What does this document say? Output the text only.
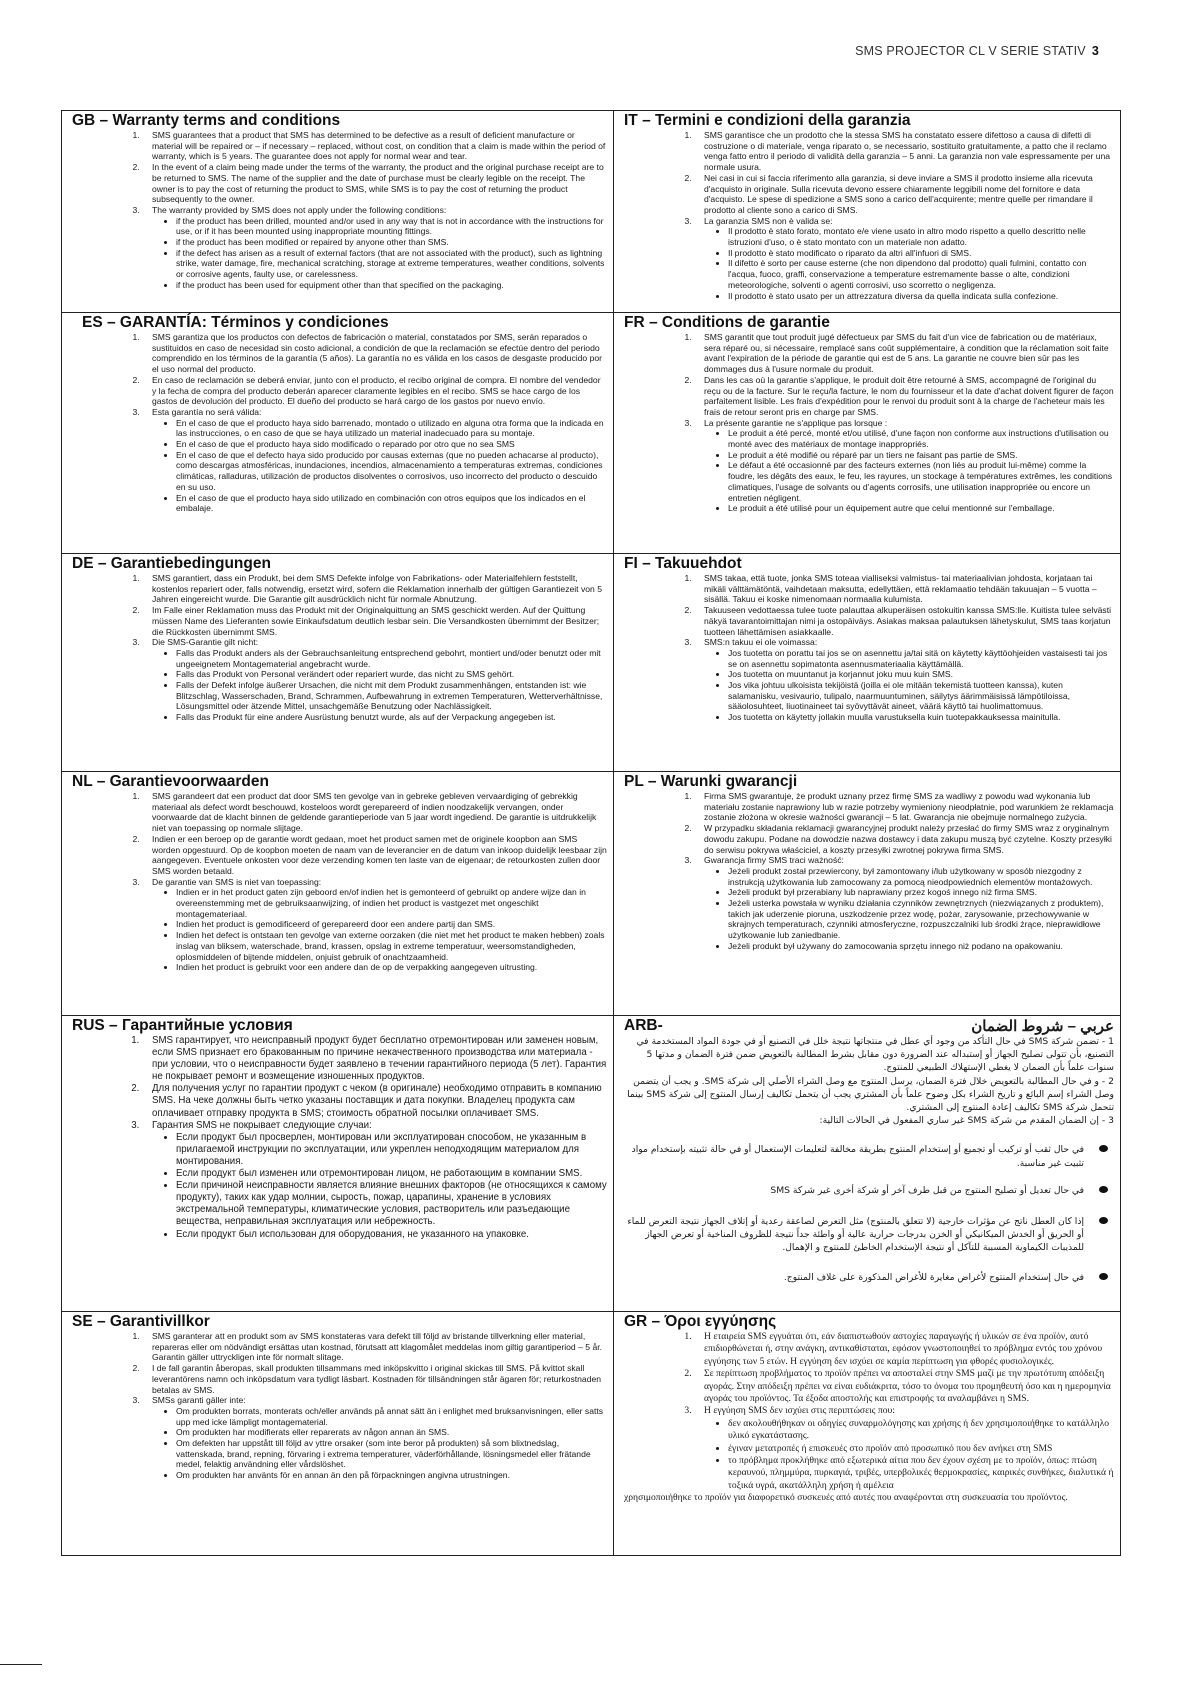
SMS PROJECTOR CL V SERIE STATIV 3
GB – Warranty terms and conditions
1. SMS guarantees that a product that SMS has determined to be defective as a result of deficient manufacture or material will be repaired or – if necessary – replaced, without cost, on condition that a claim is made within the period of warranty, which is 5 years. The guarantee does not apply for normal wear and tear.
2. In the event of a claim being made under the terms of the warranty, the product and the original purchase receipt are to be returned to SMS. The name of the supplier and the date of purchase must be clearly legible on the receipt. The owner is to pay the cost of returning the product to SMS, while SMS is to pay the cost of returning the product subsequently to the owner.
3. The warranty provided by SMS does not apply under the following conditions:
• if the product has been drilled, mounted and/or used in any way that is not in accordance with the instructions for use, or if it has been mounted using inappropriate mounting fittings.
• if the product has been modified or repaired by anyone other than SMS.
• if the defect has arisen as a result of external factors (that are not associated with the product), such as lightning strike, water damage, fire, mechanical scratching, storage at extreme temperatures, weather conditions, solvents or corrosive agents, faulty use, or carelessness.
• if the product has been used for equipment other than that specified on the packaging.
IT – Termini e condizioni della garanzia
1. SMS garantisce che un prodotto che la stessa SMS ha constatato essere difettoso a causa di difetti di costruzione o di materiale, venga riparato o, se necessario, sostituito gratuitamente, a patto che il reclamo venga fatto entro il periodo di validità della garanzia – 5 anni. La garanzia non vale espressamente per una normale usura.
2. Nei casi in cui si faccia riferimento alla garanzia, si deve inviare a SMS il prodotto insieme alla ricevuta d'acquisto in originale. Sulla ricevuta devono essere chiaramente leggibili nome del fornitore e data d'acquisto. Le spese di spedizione a SMS sono a carico dell'acquirente; mentre quelle per rimandare il prodotto al cliente sono a carico di SMS.
3. La garanzia SMS non è valida se:
• Il prodotto è stato forato, montato e/e viene usato in altro modo rispetto a quello descritto nelle istruzioni d'uso, o è stato montato con un materiale non adatto.
• Il prodotto è stato modificato o riparato da altri all'infuori di SMS.
• Il difetto è sorto per cause esterne (che non dipendono dal prodotto) quali fulmini, contatto con l'acqua, fuoco, graffi, conservazione a temperature estremamente basse o alte, condizioni meteorologiche, solventi o agenti corrosivi, uso scorretto o negligenza.
• Il prodotto è stato usato per un attrezzatura diversa da quella indicata sulla confezione.
ES – GARANTÍA: Términos y condiciones
1. SMS garantiza que los productos con defectos de fabricación o material, constatados por SMS, serán reparados o sustituidos en caso de necesidad sin costo adicional, a condición de que la reclamación se efectúe dentro del periodo comprendido en los términos de la garantía (5 años). La garantía no es válida en los casos de desgaste producido por el uso normal del producto.
2. En caso de reclamación se deberá enviar, junto con el producto, el recibo original de compra. El nombre del vendedor y la fecha de compra del producto deberán aparecer claramente legibles en el recibo. SMS se hace cargo de los gastos de devolución del producto. El dueño del producto se hará cargo de los gastos por nuevo envío.
3. Esta garantía no será válida:
• En el caso de que el producto haya sido barrenado, montado o utilizado en alguna otra forma que la indicada en las instrucciones, o en caso de que se haya utilizado un material inadecuado para su montaje.
• En el caso de que el producto haya sido modificado o reparado por otro que no sea SMS
• En el caso de que el defecto haya sido producido por causas externas (que no pueden achacarse al producto), como descargas atmosféricas, inundaciones, incendios, almacenamiento a temperaturas extremas, condiciones climáticas, ralladuras, utilización de productos disolventes o corrosivos, uso incorrecto del producto o descuido en su uso.
• En el caso de que el producto haya sido utilizado en combinación con otros equipos que los indicados en el embalaje.
FR – Conditions de garantie
1. SMS garantit que tout produit jugé défectueux par SMS du fait d'un vice de fabrication ou de matériaux, sera réparé ou, si nécessaire, remplacé sans coût supplémentaire, à condition que la réclamation soit faite avant l'expiration de la période de garantie qui est de 5 ans. La garantie ne couvre bien sûr pas les dommages dus à l'usure normale du produit.
2. Dans les cas où la garantie s'applique, le produit doit être retourné à SMS, accompagné de l'original du reçu ou de la facture. Sur le reçu/la facture, le nom du fournisseur et la date d'achat doivent figurer de façon parfaitement lisible. Les frais d'expédition pour le renvoi du produit sont à la charge de l'acheteur mais les frais de retour seront pris en charge par SMS.
3. La présente garantie ne s'applique pas lorsque :
• Le produit a été percé, monté et/ou utilisé, d'une façon non conforme aux instructions d'utilisation ou monté avec des matériaux de montage inappropriés.
• Le produit a été modifié ou réparé par un tiers ne faisant pas partie de SMS.
• Le défaut a été occasionné par des facteurs externes (non liés au produit lui-même) comme la foudre, les dégâts des eaux, le feu, les rayures, un stockage à températures extrêmes, les conditions climatiques, l'usage de solvants ou d'agents corrosifs, une utilisation inappropriée ou encore un entretien négligent.
• Le produit a été utilisé pour un équipement autre que celui mentionné sur l'emballage.
DE – Garantiebedingungen
1. SMS garantiert, dass ein Produkt, bei dem SMS Defekte infolge von Fabrikations- oder Materialfehlern feststellt, kostenlos repariert oder, falls notwendig, ersetzt wird, sofern die Reklamation innerhalb der gültigen Garantiezeit von 5 Jahren eingereicht wurde. Die Garantie gilt ausdrücklich nicht für normale Abnutzung.
2. Im Falle einer Reklamation muss das Produkt mit der Originalquittung an SMS geschickt werden. Auf der Quittung müssen Name des Lieferanten sowie Einkaufsdatum deutlich lesbar sein. Die Versandkosten übernimmt der Besitzer; die Rückkosten übernimmt SMS.
3. Die SMS-Garantie gilt nicht:
• Falls das Produkt anders als der Gebrauchsanleitung entsprechend gebohrt, montiert und/oder benutzt oder mit ungeeignetem Montagematerial angebracht wurde.
• Falls das Produkt von Personal verändert oder repariert wurde, das nicht zu SMS gehört.
• Falls der Defekt infolge äußerer Ursachen, die nicht mit dem Produkt zusammenhängen, entstanden ist: wie Blitzschlag, Wasserschaden, Brand, Schrammen, Aufbewahrung in extremen Temperaturen, Wetterverhältnisse, Lösungsmittel oder ätzende Mittel, unsachgemäße Benutzung oder Nachlässigkeit.
• Falls das Produkt für eine andere Ausrüstung benutzt wurde, als auf der Verpackung angegeben ist.
FI – Takuuehdot
1. SMS takaa, että tuote, jonka SMS toteaa vialliseksi valmistus- tai materiaalivian johdosta, korjataan tai mikäli välttämätöntä, vaihdetaan maksutta, edellyttäen, että reklamaatio tehdään takuuajan – 5 vuotta – sisällä. Takuu ei koske nimenomaan normaalia kulumista.
2. Takuuseen vedottaessa tulee tuote palauttaa alkuperäisen ostokuitin kanssa SMS:lle. Kuitista tulee selvästi näkyä tavarantoimittajan nimi ja ostopäiväys. Asiakas maksaa palautuksen lähetyskulut, SMS taas korjatun tuotteen lähettämisen asiakkaalle.
3. SMS:n takuu ei ole voimassa:
• Jos tuotetta on porattu tai jos se on asennettu ja/tai sitä on käytetty käyttöohjeiden vastaisesti tai jos se on asennettu sopimatonta asennusmateriaalia käyttämällä.
• Jos tuotetta on muuntanut ja korjannut joku muu kuin SMS.
• Jos vika johtuu ulkoisista tekijöistä (joilla ei ole mitään tekemistä tuotteen kanssa), kuten salamanisku, vesivaurio, tulipalo, naarmuuntuminen, säilytys äärimmäisissä lämpötiloissa, sääolosuhteet, liuotinaineet tai syövyttävät aineet, väärä käyttö tai huolimattomuus.
• Jos tuotetta on käytetty jollakin muulla varustuksella kuin tuotepakkauksessa mainitulla.
NL – Garantievoorwaarden
1. SMS garandeert dat een product dat door SMS ten gevolge van in gebreke gebleven vervaardiging of gebrekkig materiaal als defect wordt beschouwd, kosteloos wordt gerepareerd of indien noodzakelijk vervangen, onder voorwaarde dat de klacht binnen de geldende garantieperiode van 5 jaar wordt ingediend. De garantie is uitdrukkelijk niet van toepassing op normale slijtage.
2. Indien er een beroep op de garantie wordt gedaan, moet het product samen met de originele koopbon aan SMS worden opgestuurd. Op de koopbon moeten de naam van de leverancier en de datum van inkoop duidelijk leesbaar zijn aangegeven. Eventuele onkosten voor deze verzending komen ten laste van de eigenaar; de retourkosten zullen door SMS worden betaald.
3. De garantie van SMS is niet van toepassing:
• Indien er in het product gaten zijn geboord en/of indien het is gemonteerd of gebruikt op andere wijze dan in overeenstemming met de gebruiksaanwijzing, of indien het product is vastgezet met ongeschikt montagemateriaal.
• Indien het product is gemodificeerd of gerepareerd door een andere partij dan SMS.
• Indien het defect is ontstaan ten gevolge van externe oorzaken (die niet met het product te maken hebben) zoals inslag van bliksem, waterschade, brand, krassen, opslag in extreme temperatuur, weersomstandigheden, oplosmiddelen of bijtende middelen, onjuist gebruik of onachtzaamheid.
• Indien het product is gebruikt voor een andere dan de op de verpakking aangegeven uitrusting.
PL – Warunki gwarancji
1. Firma SMS gwarantuje, że produkt uznany przez firmę SMS za wadliwy z powodu wad wykonania lub materiału zostanie naprawiony lub w razie potrzeby wymieniony nieodpłatnie, pod warunkiem że reklamacja zostanie złożona w okresie ważności gwarancji – 5 lat. Gwarancja nie obejmuje normalnego zużycia.
2. W przypadku składania reklamacji gwarancyjnej produkt należy przesłać do firmy SMS wraz z oryginalnym dowodu zakupu. Podane na dowodzie nazwa dostawcy i data zakupu muszą być czytelne. Koszty przesyłki do serwisu pokrywa właściciel, a koszty przesyłki zwrotnej pokrywa firma SMS.
3. Gwarancja firmy SMS traci ważność:
• Jeżeli produkt został przewiercony, był zamontowany i/lub użytkowany w sposób niezgodny z instrukcją użytkowania lub zamocowany za pomocą nieodpowiednich elementów montażowych.
• Jeżeli produkt był przerabiany lub naprawiany przez kogoś innego niż firma SMS.
• Jeżeli usterka powstała w wyniku działania czynników zewnętrznych (niezwiązanych z produktem), takich jak uderzenie pioruna, uszkodzenie przez wodę, pożar, zarysowanie, przechowywanie w skrajnych temperaturach, czynniki atmosferyczne, rozpuszczalniki lub środki żrące, nieprawidłowe użytkowanie lub zaniedbanie.
• Jeżeli produkt był używany do zamocowania sprzętu innego niż podano na opakowaniu.
RUS – Гарантийные условия
1. SMS гарантирует, что неисправный продукт будет бесплатно отремонтирован или заменен новым, если SMS признает его бракованным по причине некачественного производства или материала - при условии, что о неисправности будет заявлено в течении гарантийного периода (5 лет). Гарантия не покрывает ремонт и возмещение изношенных продуктов.
2. Для получения услуг по гарантии продукт с чеком (в оригинале) необходимо отправить в компанию SMS. На чеке должны быть четко указаны поставщик и дата покупки. Владелец продукта сам оплачивает отправку продукта в SMS; стоимость обратной посылки оплачивает SMS.
3. Гарантия SMS не покрывает следующие случаи:
• Если продукт был просверлен, монтирован или эксплуатирован способом, не указанным в прилагаемой инструкции по эксплуатации, или укреплен неподходящим материалом для монтирования.
• Если продукт был изменен или отремонтирован лицом, не работающим в компании SMS.
• Если причиной неисправности является влияние внешних факторов (не относящихся к самому продукту), таких как удар молнии, сырость, пожар, царапины, хранение в условиях экстремальной температуры, климатические условия, растворитель или разъедающие вещества, неправильная эксплуатация или небрежность.
• Если продукт был использован для оборудования, не указанного на упаковке.
ARB-	عربي – شروط الضمان

1 - تضمن شركة SMS في حال التأكد من وجود أي عطل في منتجاتها نتيجة خلل في التصنيع أو في جودة المواد المستخدمة في التصنيع، بأن تتولى تصليح الجهاز أو إستبداله عند الضرورة دون مقابل بشرط المطالبة بالتعويض ضمن فترة الضمان و مدتها 5 سنوات علماً بأن الضمان لا يغطي الإستهلاك الطبيعي للمنتوج.

2 - و في حال المطالبة بالتعويض خلال فترة الضمان، يرسل المنتوج مع وصل الشراء الأصلي إلى شركة SMS. و يجب أن يتضمن وصل الشراء إسم البائع و تاريخ الشراء بكل وضوح علماً بأن المشتري يجب أن يتحمل تكاليف إرسال المنتوج إلى شركة SMS بينما تتحمل شركة SMS تكاليف إعادة المنتوج إلى المشتري.

3 - إن الضمان المقدم من شركة SMS غير ساري المفعول في الحالات التالية:

في حال ثقب أو تركيب أو تجميع أو إستخدام المنتوج بطريقة مخالفة لتعليمات الإستعمال أو في حالة تثبيته بإستخدام مواد تثبيت غير مناسبة.

في حال تعديل أو تصليح المنتوج من قبل طرف آخر أو شركة أخرى غير شركة SMS

إذا كان العطل ناتج عن مؤثرات خارجية (لا تتعلق بالمنتوج) مثل التعرض لصاعقة رعدية أو إتلاف الجهاز نتيجة التعرض للماء أو الحريق أو الخدش الميكانيكي أو الخزن بدرجات حرارية عالية أو واطئة جداً نتيجة للظروف المناخية أو تعرض الجهاز للمذيبات الكيماوية المسببة للتآكل أو نتيجة الإستخدام الخاطئ للمنتوج و الإهمال.

في حال إستخدام المنتوج لأغراض مغايرة للأغراض المذكورة على غلاف المنتوج.

SE – Garantivillkor
1. SMS garanterar att en produkt som av SMS konstateras vara defekt till följd av bristande tillverkning eller material, repareras eller om nödvändigt ersättas utan kostnad, förutsatt att klagomålet meddelas inom giltig garantiperiod – 5 år. Garantin gäller uttryckligen inte för normalt slitage.
2. I de fall garantin åberopas, skall produkten tillsammans med inköpskvitto i original skickas till SMS. På kvittot skall leverantörens namn och inköpsdatum vara tydligt läsbart. Kostnaden för tillsändningen står ägaren för; returkostnaden betalas av SMS.
3. SMSs garanti gäller inte:
• Om produkten borrats, monterats och/eller används på annat sätt än i enlighet med bruksanvisningen, eller satts upp med icke lämpligt montagematerial.
• Om produkten har modifierats eller reparerats av någon annan än SMS.
• Om defekten har uppstått till följd av yttre orsaker (som inte beror på produkten) så som blixtnedslag, vattenskada, brand, repning, förvaring i extrema temperaturer, väderförhållande, lösningsmedel eller frätande medel, felaktig användning eller vårdslöshet.
• Om produkten har använts för en annan än den på förpackningen angivna utrustningen.
GR – Όροι εγγύησης
1. Η εταιρεία SMS εγγυάται ότι, εάν διαπιστωθούν αστοχίες παραγωγής ή υλικών σε ένα προϊόν, αυτό επιδιορθώνεται ή, στην ανάγκη, αντικαθίσταται, εφόσον γνωστοποιηθεί το πρόβλημα εντός του χρόνου εγγύησης των 5 ετών. Η εγγύηση δεν ισχύει σε καμία περίπτωση για φθορές φυσιολογικές.
2. Σε περίπτωση προβλήματος το προϊόν πρέπει να αποσταλεί στην SMS μαζί με την πρωτότυπη απόδειξη αγοράς. Στην απόδειξη πρέπει να είναι ευδιάκριτα, τόσο το όνομα του προμηθευτή όσο και η ημερομηνία αγοράς του προϊόντος. Τα έξοδα αποστολής και επιστροφής τα αναλαμβάνει η SMS.
3. Η εγγύηση SMS δεν ισχύει στις περιπτώσεις που:
• δεν ακολουθήθηκαν οι οδηγίες συναρμολόγησης και χρήσης ή δεν χρησιμοποιήθηκε το κατάλληλο υλικό εγκατάστασης.
• έγιναν μετατροπές ή επισκευές στο προϊόν από προσωπικό που δεν ανήκει στη SMS
• το πρόβλημα προκλήθηκε από εξωτερικά αίτια που δεν έχουν σχέση με το προϊόν, όπως: πτώση κεραυνού, πλημμύρα, πυρκαγιά, τριβές, υπερβολικές θερμοκρασίες, καιρικές συνθήκες, διαλυτικά ή τοξικά υγρά, ακατάλληλη χρήση ή αμέλεια

χρησιμοποιήθηκε το προϊόν για διαφορετικό συσκευές από αυτές που αναφέρονται στη συσκευασία του προϊόντος.
